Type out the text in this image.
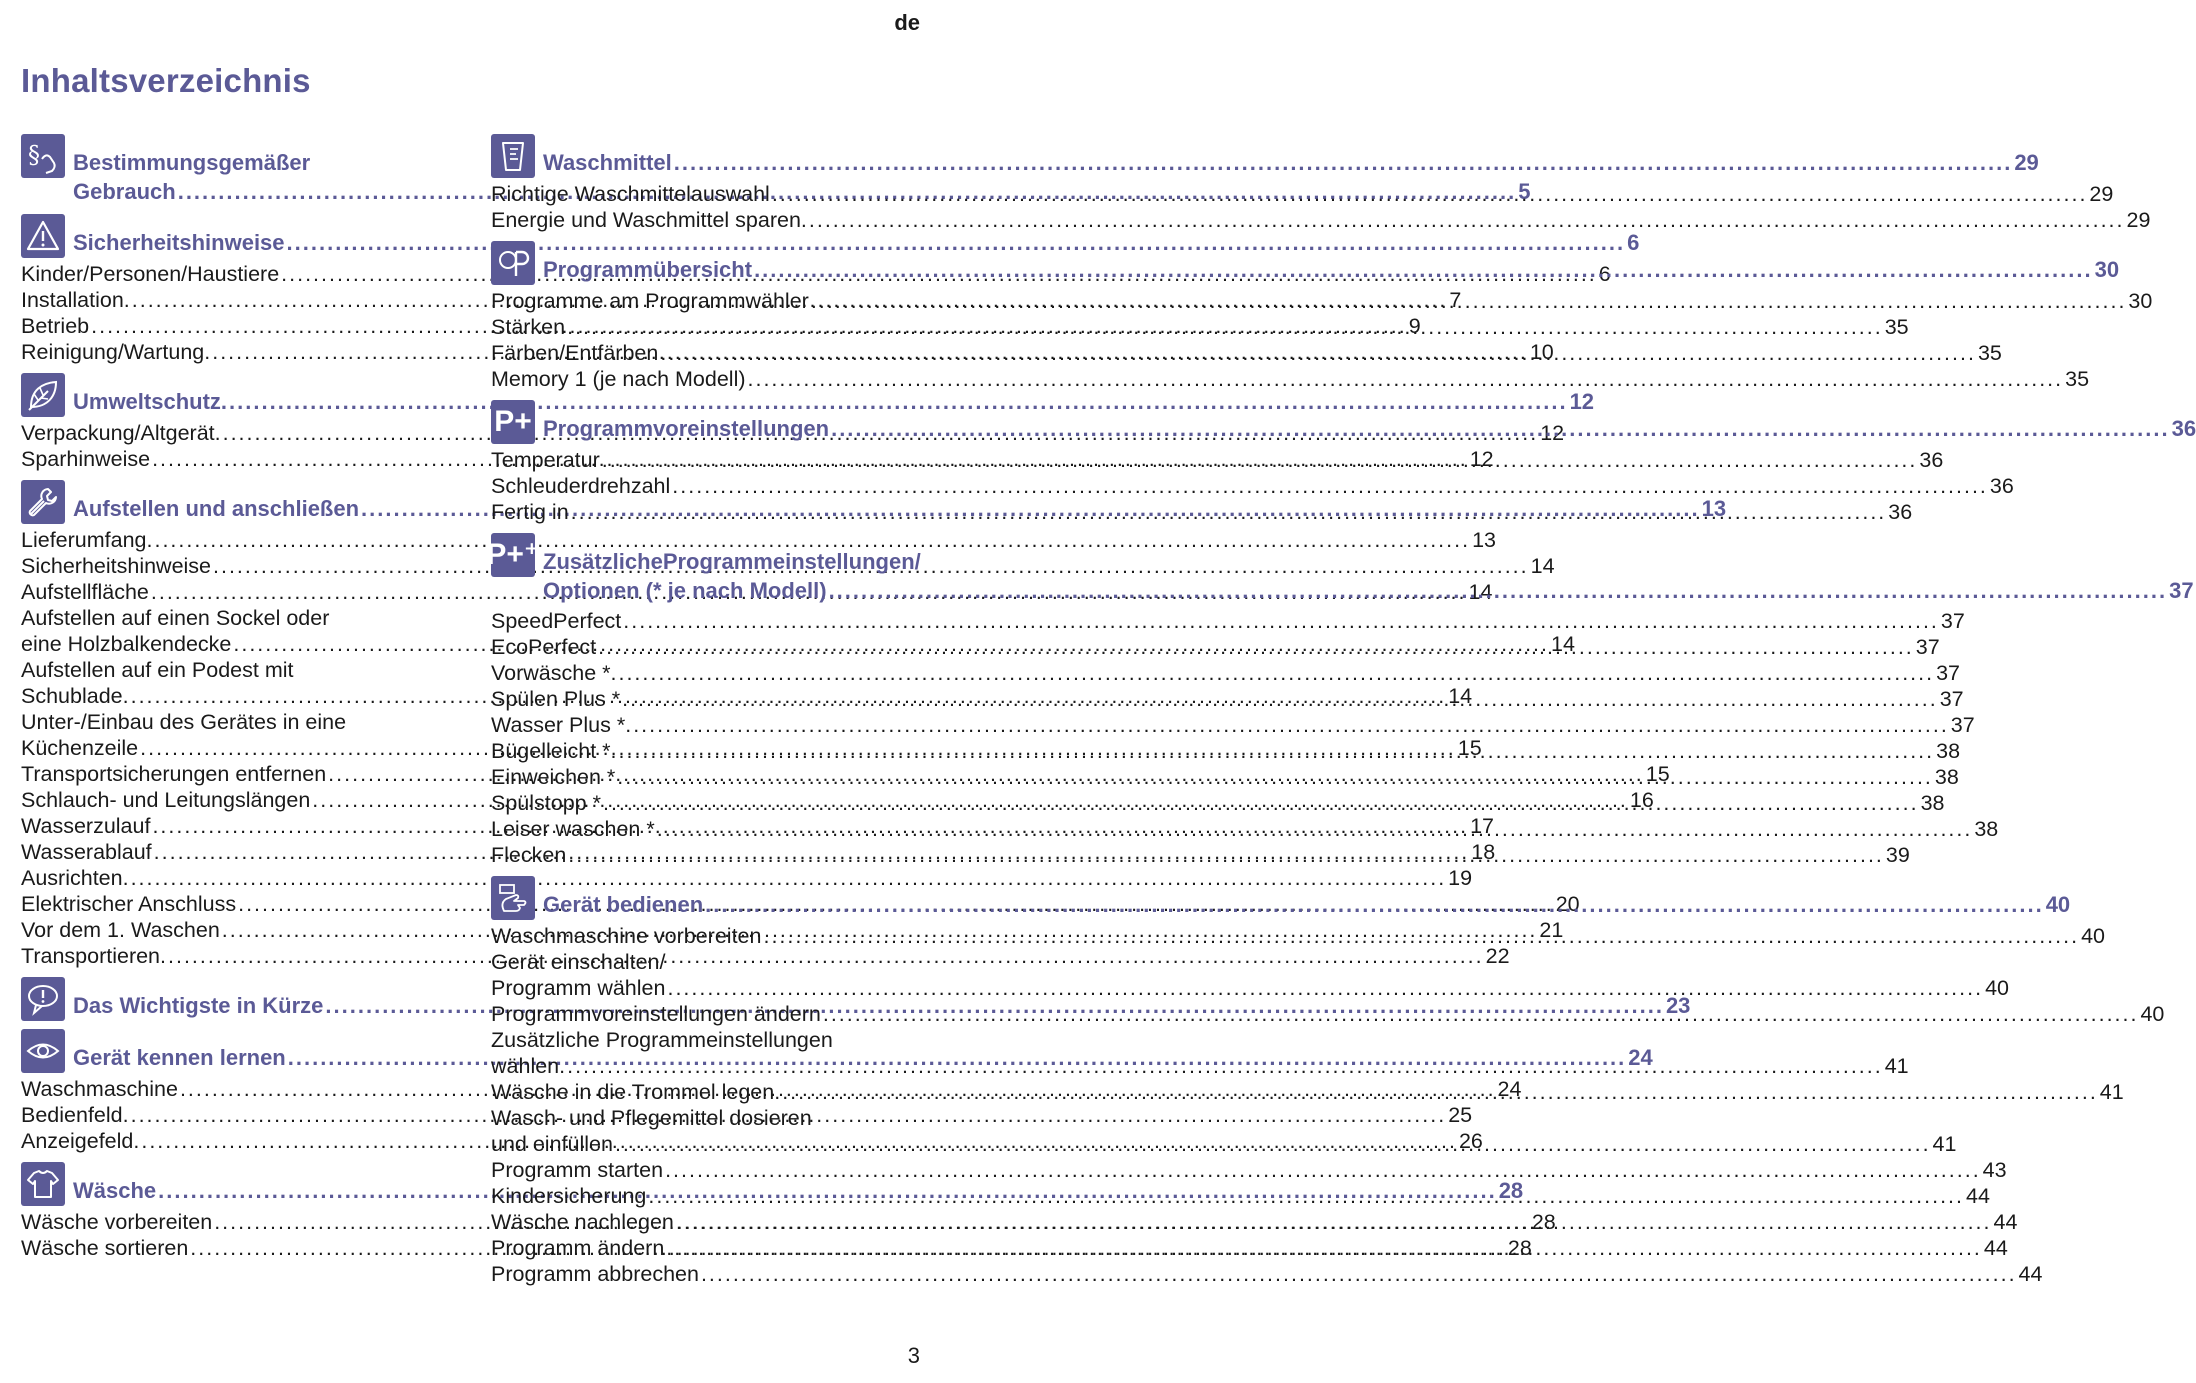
de
Inhaltsverzeichnis
§ Bestimmungsgemäßer
Gebrauch .....	5
Sicherheitshinweise .....	6
Kinder/Personen/Haustiere .....	6
Installation. .....	7
Betrieb .....	9
Reinigung/Wartung. .....	10
Umweltschutz. .....	12
Verpackung/Altgerät. .....	12
Sparhinweise .....	12
Aufstellen und anschließen .....	13
Lieferumfang. .....	13
Sicherheitshinweise .....	14
Aufstellfläche .....	14
Aufstellen auf einen Sockel oder
eine Holzbalkendecke .....	14
Aufstellen auf ein Podest mit
Schublade. .....	14
Unter-/Einbau des Gerätes in eine
Küchenzeile .....	15
Transportsicherungen entfernen .....	15
Schlauch- und Leitungslängen .....	16
Wasserzulauf .....	17
Wasserablauf .....	18
Ausrichten. .....	19
Elektrischer Anschluss .....	20
Vor dem 1. Waschen .....	21
Transportieren. .....	22
Das Wichtigste in Kürze .....	23
Gerät kennen lernen .....	24
Waschmaschine .....	24
Bedienfeld. .....	25
Anzeigefeld. .....	26
Wäsche .....	28
Wäsche vorbereiten .....	28
Wäsche sortieren .....	28
Waschmittel .....	29
Richtige Waschmittelauswahl .....	29
Energie und Waschmittel sparen. .....	29
Programmübersicht .....	30
Programme am Programmwähler .....	30
Stärken .....	35
Färben/Entfärben .....	35
Memory 1 (je nach Modell) .....	35
P+ Programmvoreinstellungen .....	36
Temperatur .....	36
Schleuderdrehzahl .....	36
Fertig in .....	36
P+⁺ ZusätzlicheProgrammeinstellungen/
Optionen (* je nach Modell) .....	37
SpeedPerfect .....	37
EcoPerfect .....	37
Vorwäsche *. .....	37
Spülen Plus * .....	37
Wasser Plus *. .....	37
Bügelleicht *. .....	38
Einweichen * .....	38
Spülstopp * .....	38
Leiser waschen * .....	38
Flecken .....	39
Gerät bedienen .....	40
Waschmaschine vorbereiten .....	40
Gerät einschalten/
Programm wählen .....	40
Programmvoreinstellungen ändern .....	40
Zusätzliche Programmeinstellungen
wählen. .....	41
Wäsche in die Trommel legen. .....	41
Wasch- und Pflegemittel dosieren
und einfüllen .....	41
Programm starten .....	43
Kindersicherung .....	44
Wäsche nachlegen .....	44
Programm ändern .....	44
Programm abbrechen .....	44
3
